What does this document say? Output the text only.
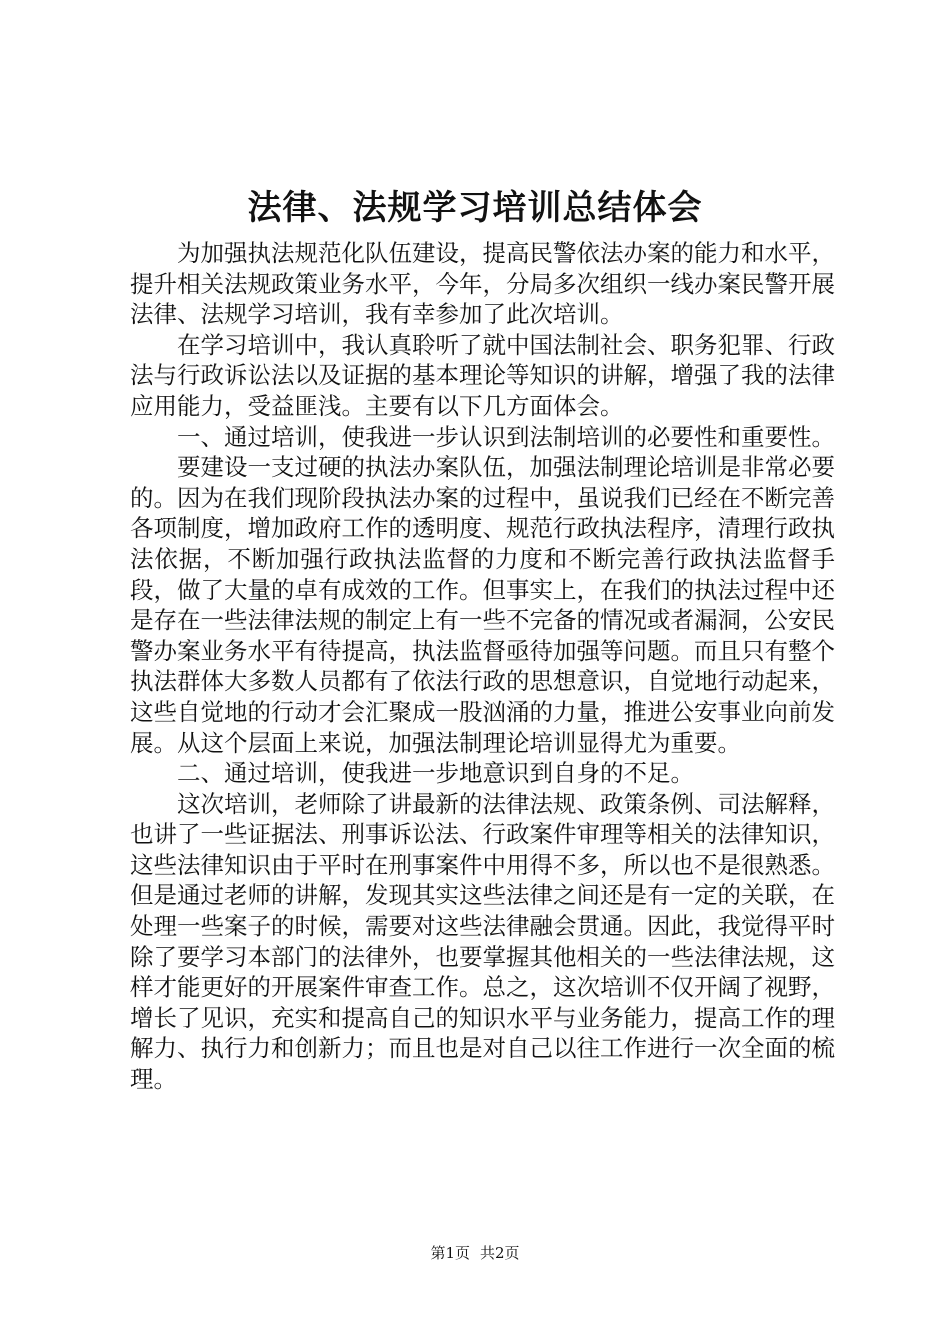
法律、法规学习培训总结体会

为加强执法规范化队伍建设，提高民警依法办案的能力和水平，提升相关法规政策业务水平，今年，分局多次组织一线办案民警开展法律、法规学习培训，我有幸参加了此次培训。

在学习培训中，我认真聆听了就中国法制社会、职务犯罪、行政法与行政诉讼法以及证据的基本理论等知识的讲解，增强了我的法律应用能力，受益匪浅。主要有以下几方面体会。

一、通过培训，使我进一步认识到法制培训的必要性和重要性。

要建设一支过硬的执法办案队伍，加强法制理论培训是非常必要的。因为在我们现阶段执法办案的过程中，虽说我们已经在不断完善各项制度，增加政府工作的透明度、规范行政执法程序，清理行政执法依据，不断加强行政执法监督的力度和不断完善行政执法监督手段，做了大量的卓有成效的工作。但事实上，在我们的执法过程中还是存在一些法律法规的制定上有一些不完备的情况或者漏洞，公安民警办案业务水平有待提高，执法监督亟待加强等问题。而且只有整个执法群体大多数人员都有了依法行政的思想意识，自觉地行动起来，这些自觉地的行动才会汇聚成一股汹涌的力量，推进公安事业向前发展。从这个层面上来说，加强法制理论培训显得尤为重要。

二、通过培训，使我进一步地意识到自身的不足。

这次培训，老师除了讲最新的法律法规、政策条例、司法解释，也讲了一些证据法、刑事诉讼法、行政案件审理等相关的法律知识，这些法律知识由于平时在刑事案件中用得不多，所以也不是很熟悉。但是通过老师的讲解，发现其实这些法律之间还是有一定的关联，在处理一些案子的时候，需要对这些法律融会贯通。因此，我觉得平时除了要学习本部门的法律外，也要掌握其他相关的一些法律法规，这样才能更好的开展案件审查工作。总之，这次培训不仅开阔了视野，增长了见识，充实和提高自己的知识水平与业务能力，提高工作的理解力、执行力和创新力；而且也是对自己以往工作进行一次全面的梳理。

第1页 共2页
